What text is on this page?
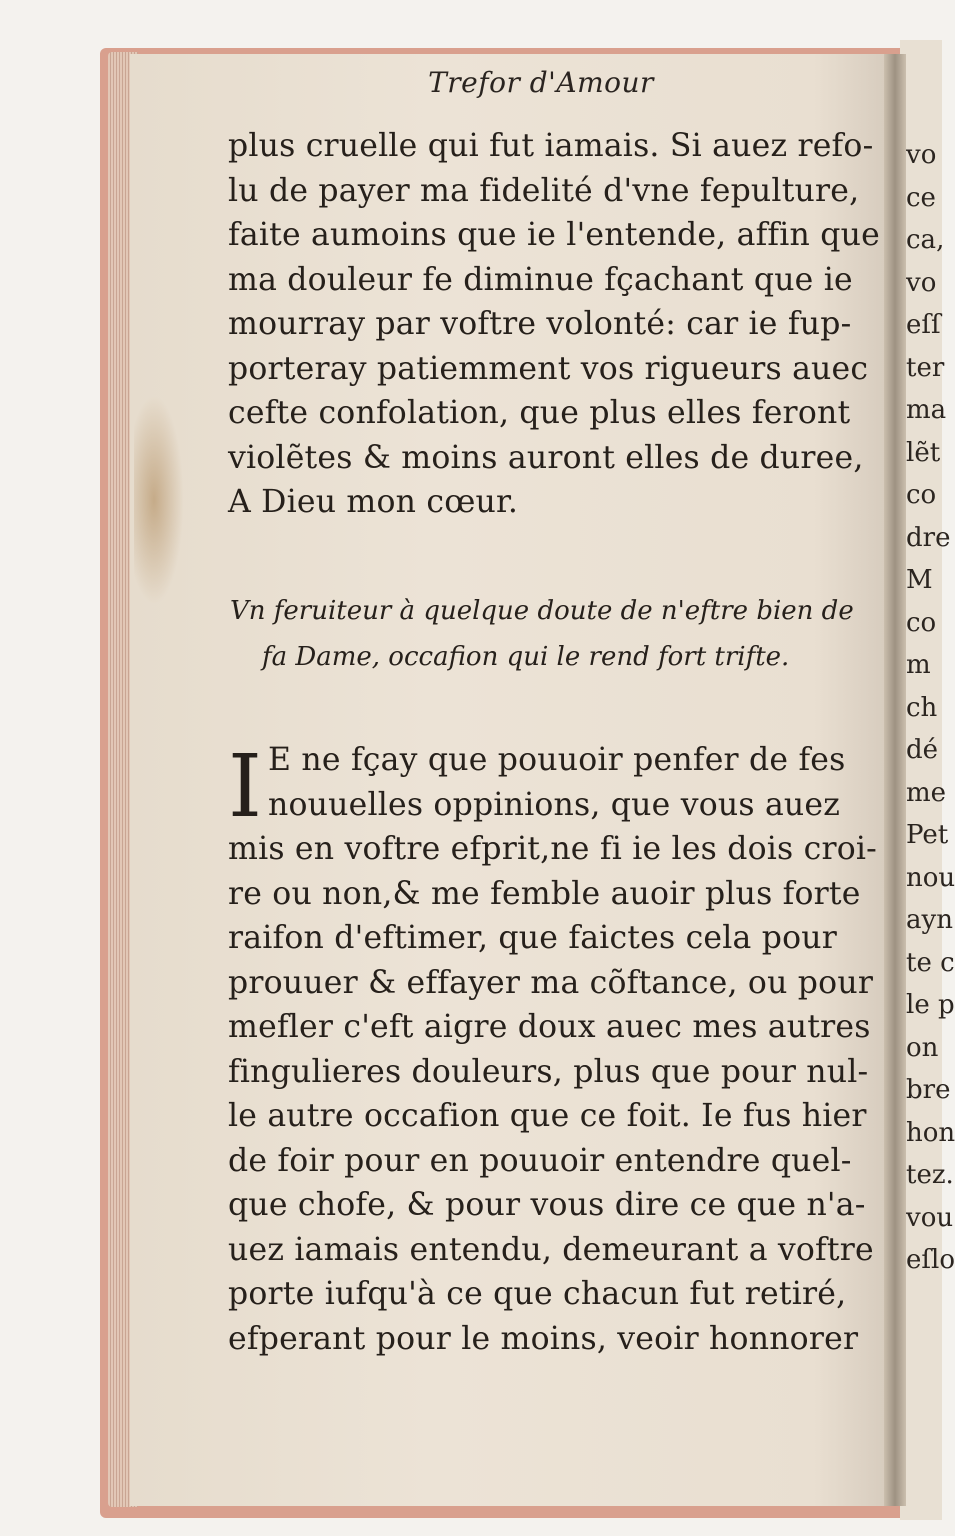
vo
ce
ca,
vo
eſſ
ter
ma
lẽt
co
dre
M
co
m
ch
dé
me
Pet
nou
ayn
te c
le p
on
bre
hon
tez.
vou
eſlo
Trefor d'Amour
plus cruelle qui fut iamais. Si auez refo-
lu de payer ma fidelité d'vne fepulture,
faite aumoins que ie l'entende, affin que
ma douleur fe diminue fçachant que ie
mourray par voftre volonté: car ie fup-
porteray patiemment vos rigueurs auec
cefte confolation, que plus elles feront
violẽtes & moins auront elles de duree,
A Dieu mon cœur.
Vn feruiteur à quelque doute de n'eftre bien de
fa Dame, occafion qui le rend fort trifte.
I E ne fçay que pouuoir penfer de fes
nouuelles oppinions, que vous auez
mis en voftre efprit,ne fi ie les dois croi-
re ou non,& me femble auoir plus forte
raifon d'eftimer, que faictes cela pour
prouuer & effayer ma cõftance, ou pour
mefler c'eft aigre doux auec mes autres
fingulieres douleurs, plus que pour nul-
le autre occafion que ce foit. Ie fus hier
de foir pour en pouuoir entendre quel-
que chofe, & pour vous dire ce que n'a-
uez iamais entendu, demeurant a voftre
porte iufqu'à ce que chacun fut retiré,
efperant pour le moins, veoir honnorer
